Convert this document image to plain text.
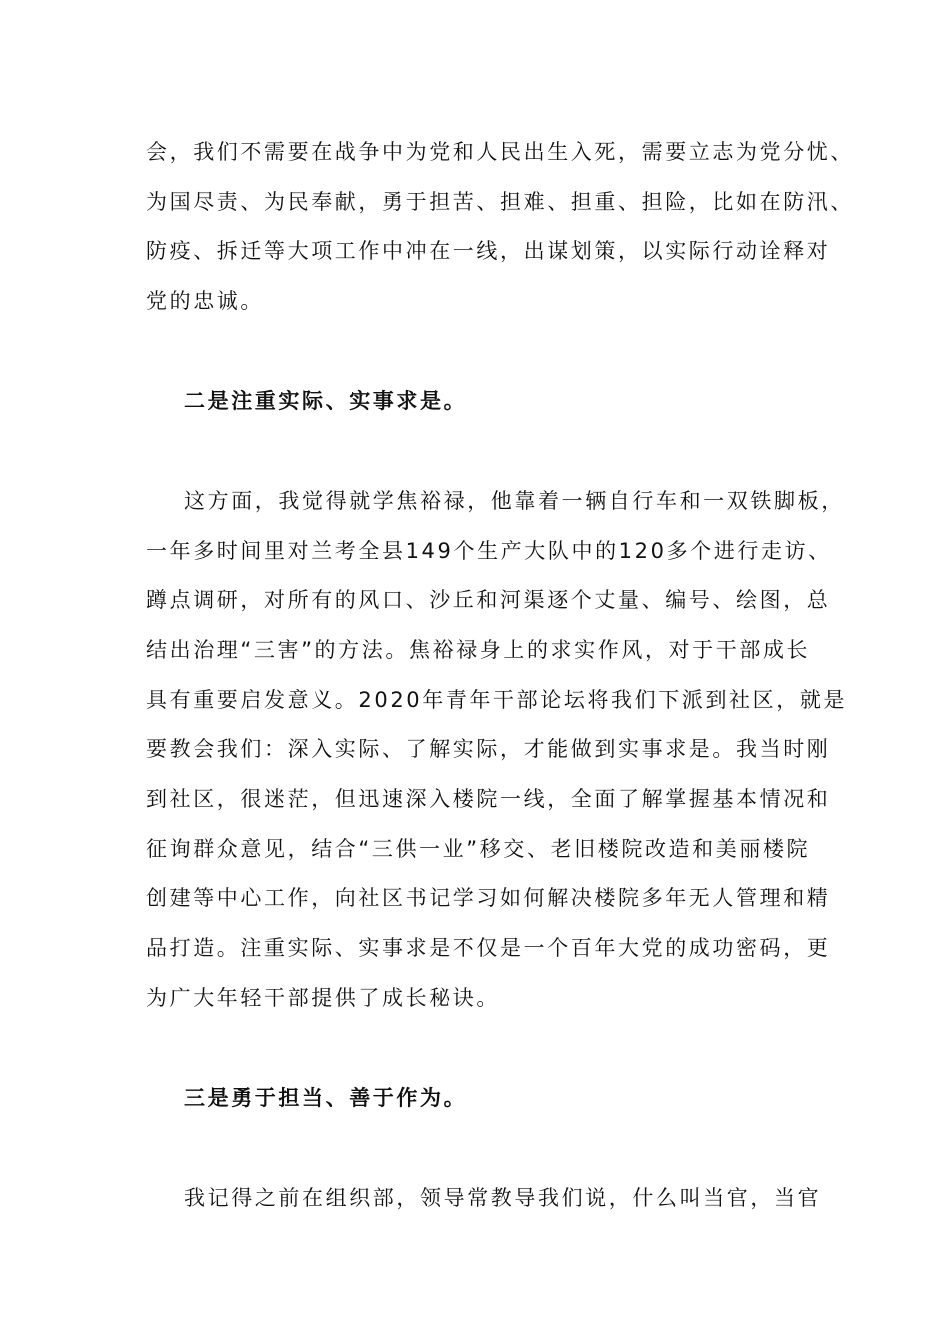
会，我们不需要在战争中为党和人民出生入死，需要立志为党分忧、
为国尽责、为民奉献，勇于担苦、担难、担重、担险，比如在防汛、
防疫、拆迁等大项工作中冲在一线，出谋划策，以实际行动诠释对
党的忠诚。
二是注重实际、实事求是。
这方面，我觉得就学焦裕禄，他靠着一辆自行车和一双铁脚板，
一年多时间里对兰考全县149个生产大队中的120多个进行走访、
蹲点调研，对所有的风口、沙丘和河渠逐个丈量、编号、绘图，总
结出治理“三害”的方法。焦裕禄身上的求实作风，对于干部成长
具有重要启发意义。2020年青年干部论坛将我们下派到社区，就是
要教会我们：深入实际、了解实际，才能做到实事求是。我当时刚
到社区，很迷茫，但迅速深入楼院一线，全面了解掌握基本情况和
征询群众意见，结合“三供一业”移交、老旧楼院改造和美丽楼院
创建等中心工作，向社区书记学习如何解决楼院多年无人管理和精
品打造。注重实际、实事求是不仅是一个百年大党的成功密码，更
为广大年轻干部提供了成长秘诀。
三是勇于担当、善于作为。
我记得之前在组织部，领导常教导我们说，什么叫当官，当官
